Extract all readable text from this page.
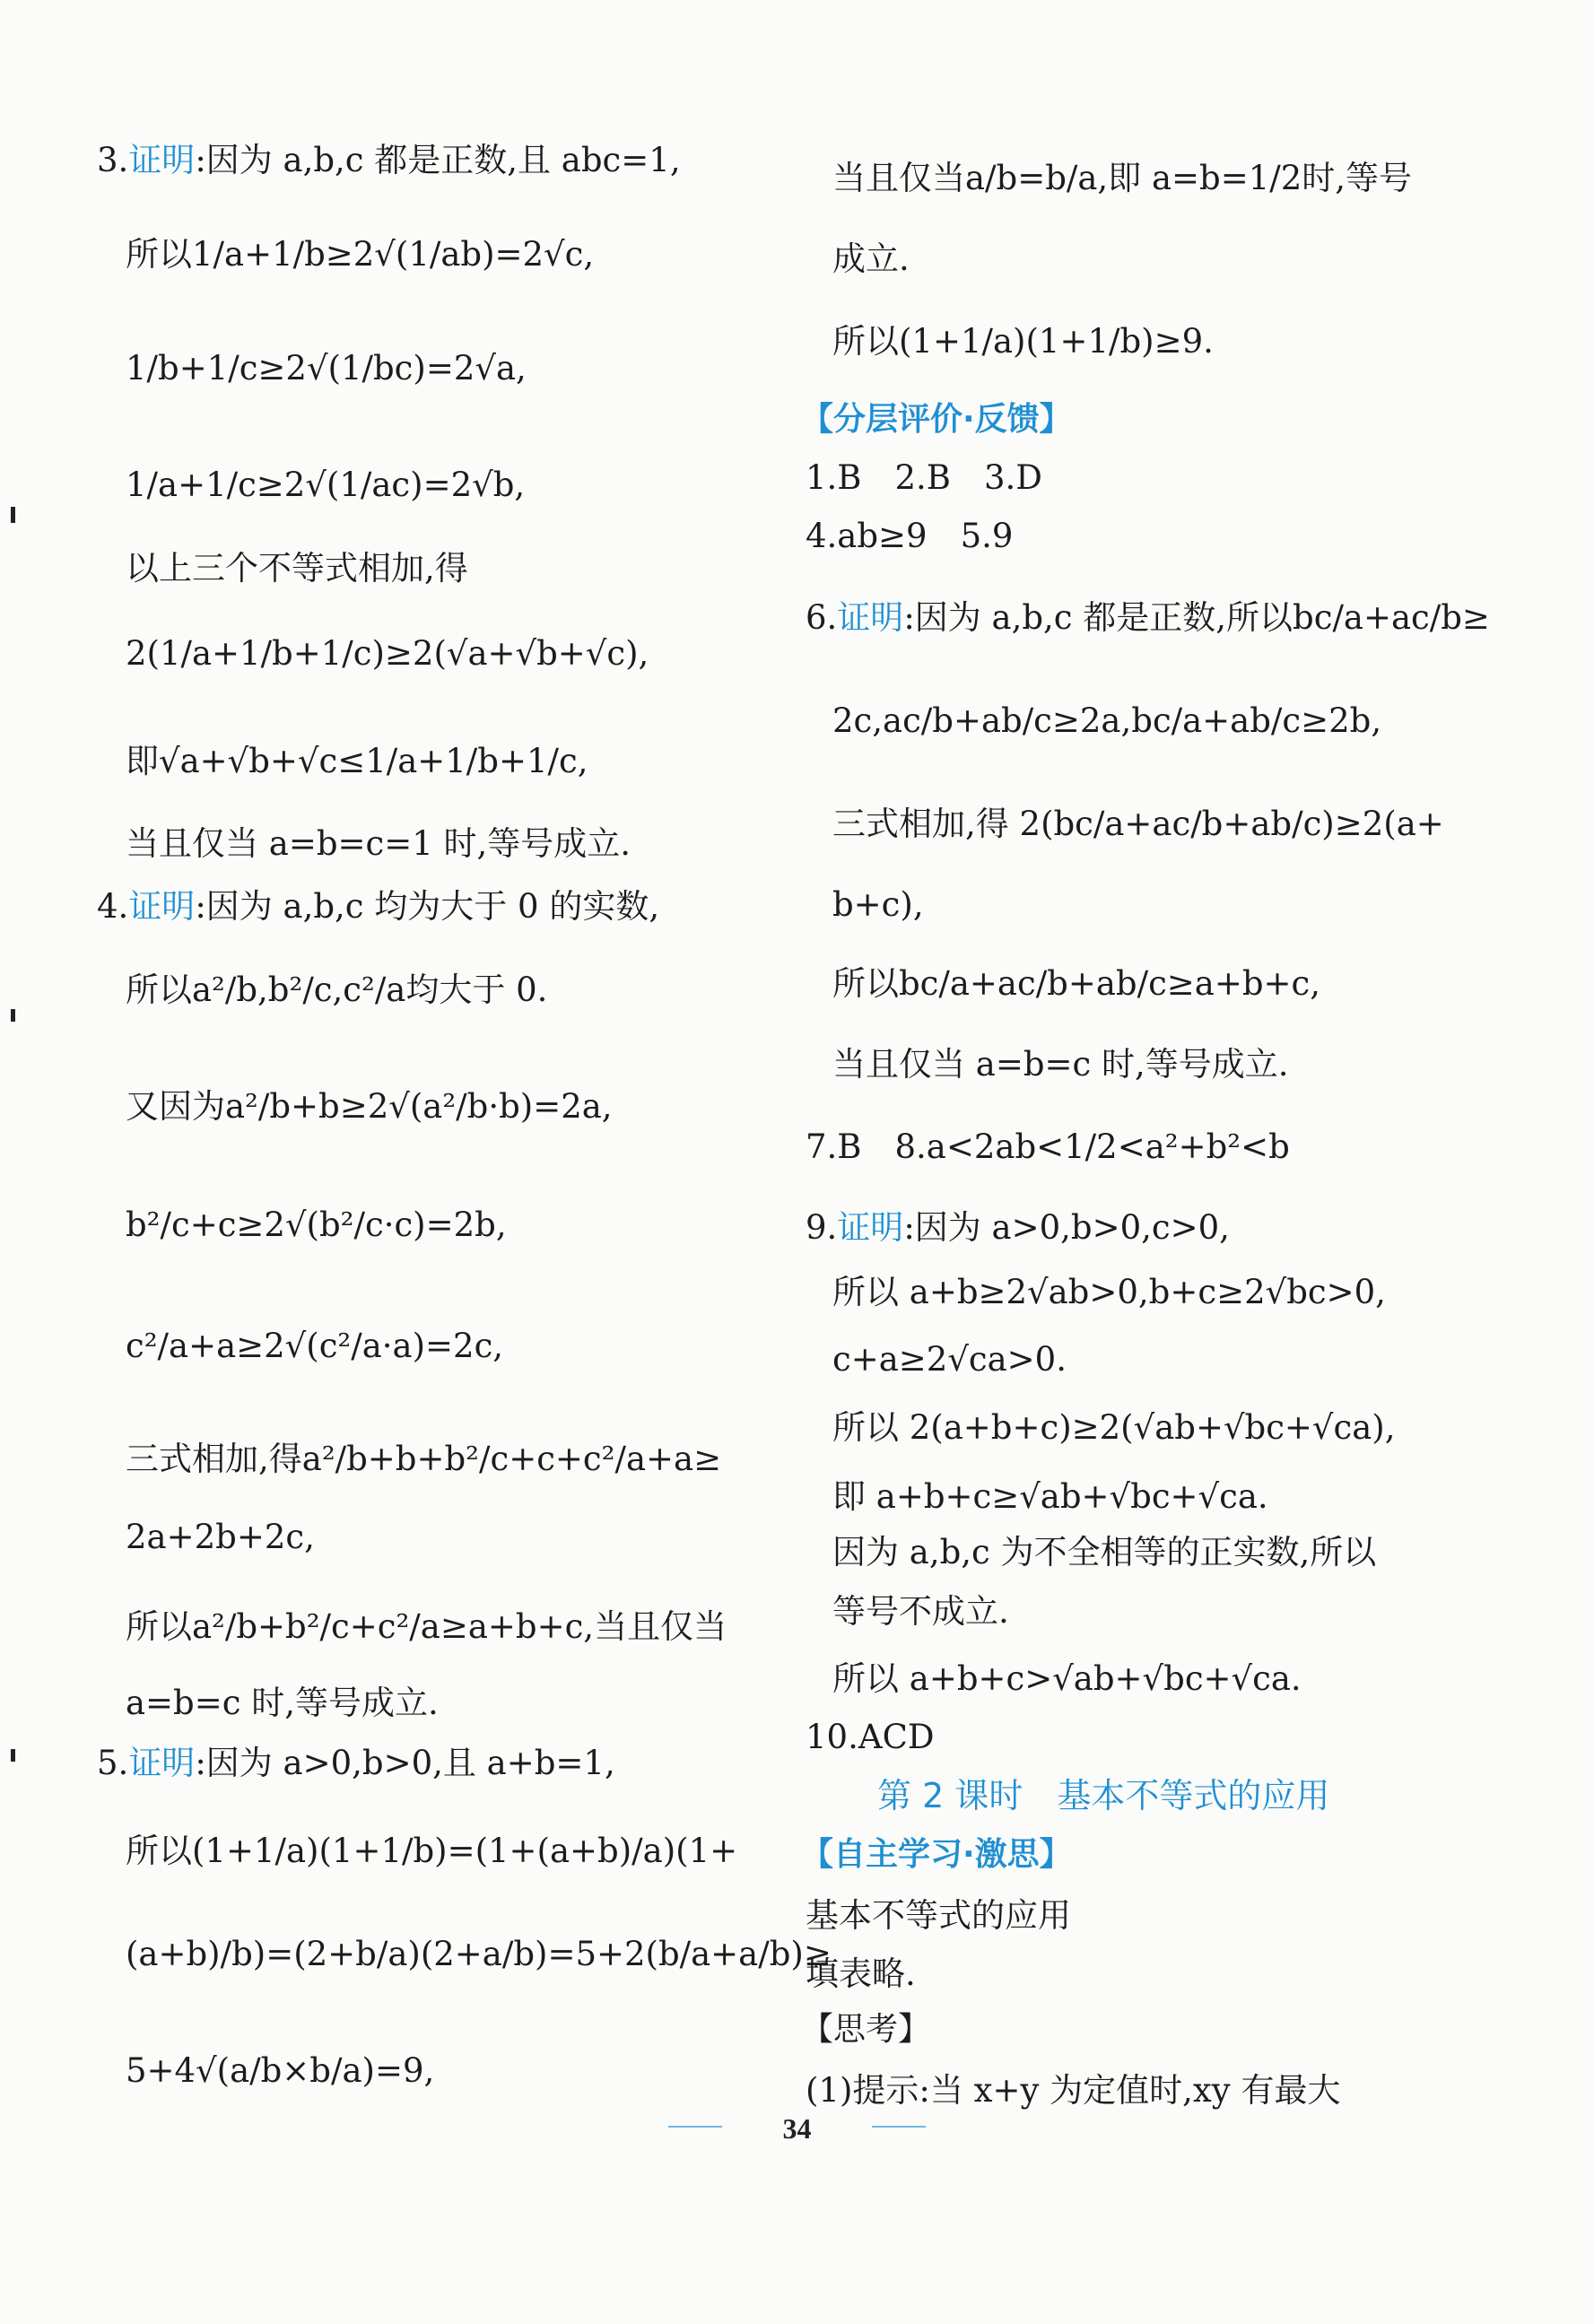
3.证明:因为 a,b,c 都是正数,且 abc=1,
所以1/a+1/b≥2√(1/ab)=2√c,
1/b+1/c≥2√(1/bc)=2√a,
1/a+1/c≥2√(1/ac)=2√b,
以上三个不等式相加,得
2(1/a+1/b+1/c)≥2(√a+√b+√c),
即√a+√b+√c≤1/a+1/b+1/c,
当且仅当 a=b=c=1 时,等号成立.
4.证明:因为 a,b,c 均为大于 0 的实数,
所以a²/b,b²/c,c²/a均大于 0.
又因为a²/b+b≥2√(a²/b·b)=2a,
b²/c+c≥2√(b²/c·c)=2b,
c²/a+a≥2√(c²/a·a)=2c,
三式相加,得a²/b+b+b²/c+c+c²/a+a≥
2a+2b+2c,
所以a²/b+b²/c+c²/a≥a+b+c,当且仅当
a=b=c 时,等号成立.
5.证明:因为 a>0,b>0,且 a+b=1,
所以(1+1/a)(1+1/b)=(1+(a+b)/a)(1+
(a+b)/b)=(2+b/a)(2+a/b)=5+2(b/a+a/b)≥
5+4√(a/b×b/a)=9,
当且仅当a/b=b/a,即 a=b=1/2时,等号
成立.
所以(1+1/a)(1+1/b)≥9.
【分层评价·反馈】
1.B　2.B　3.D
4.ab≥9　5.9
6.证明:因为 a,b,c 都是正数,所以bc/a+ac/b≥
2c,ac/b+ab/c≥2a,bc/a+ab/c≥2b,
三式相加,得 2(bc/a+ac/b+ab/c)≥2(a+
b+c),
所以bc/a+ac/b+ab/c≥a+b+c,
当且仅当 a=b=c 时,等号成立.
7.B　8.a<2ab<1/2<a²+b²<b
9.证明:因为 a>0,b>0,c>0,
所以 a+b≥2√ab>0,b+c≥2√bc>0,
c+a≥2√ca>0.
所以 2(a+b+c)≥2(√ab+√bc+√ca),
即 a+b+c≥√ab+√bc+√ca.
因为 a,b,c 为不全相等的正实数,所以
等号不成立.
所以 a+b+c>√ab+√bc+√ca.
10.ACD
第 2 课时　基本不等式的应用
【自主学习·激思】
基本不等式的应用
填表略.
【思考】
(1)提示:当 x+y 为定值时,xy 有最大
34
